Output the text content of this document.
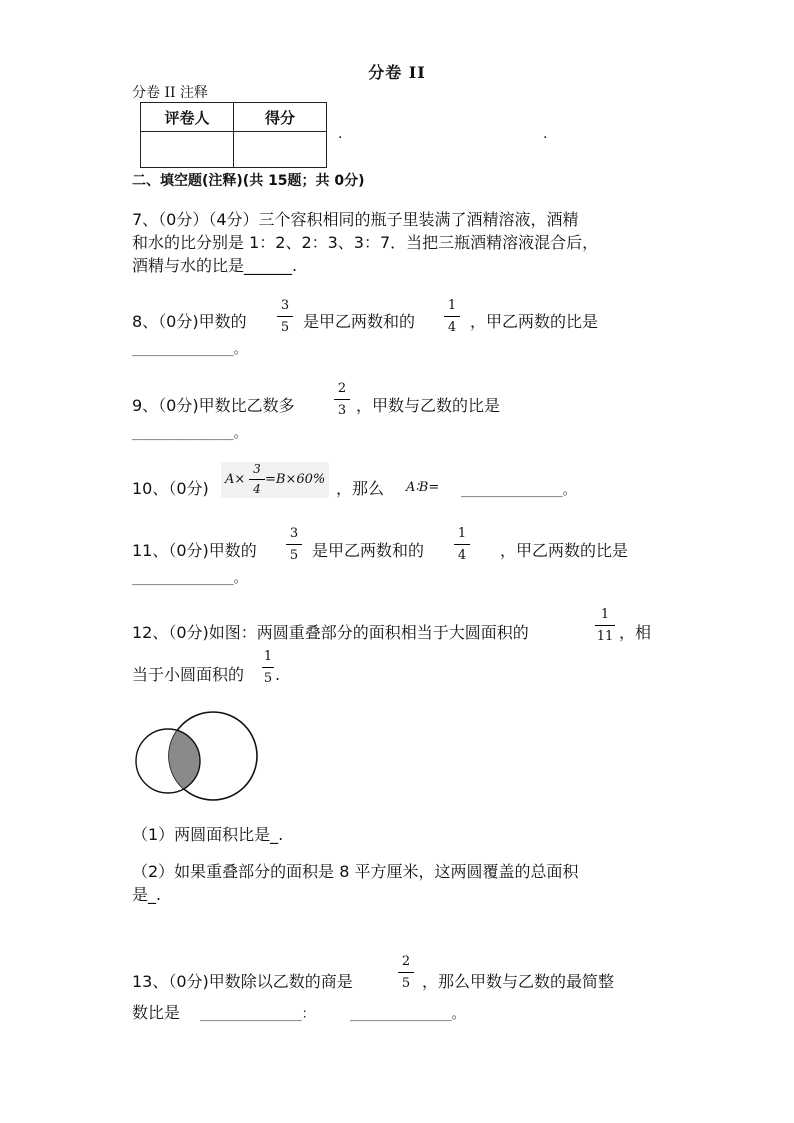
分卷 II
分卷 II 注释
评卷人	得分

.	.
二、填空题(注释)(共 15题；共 0分)
7、（0分）（4分）三个容积相同的瓶子里装满了酒精溶液，酒精
和水的比分别是 1：2、2：3、3：7．当把三瓶酒精溶液混合后，
酒精与水的比是______.
8、（0分)甲数的
3
5 是甲乙两数和的
1
4 ，甲乙两数的比是
_____________。
9、（0分)甲数比乙数多
2
3 ，甲数与乙数的比是
_____________。
10、（0分) A×
3
4
=B×60% ，那么 A∶B= _____________。
11、（0分)甲数的
3
5 是甲乙两数和的
1
4 ，甲乙两数的比是
_____________。
12、（0分)如图：两圆重叠部分的面积相当于大圆面积的
1
11 ，相
当于小圆面积的
1
5 .
（1）两圆面积比是_.
（2）如果重叠部分的面积是 8 平方厘米，这两圆覆盖的总面积
是_.
13、（0分)甲数除以乙数的商是
2
5 ，那么甲数与乙数的最简整
数比是 _____________：	_____________。
